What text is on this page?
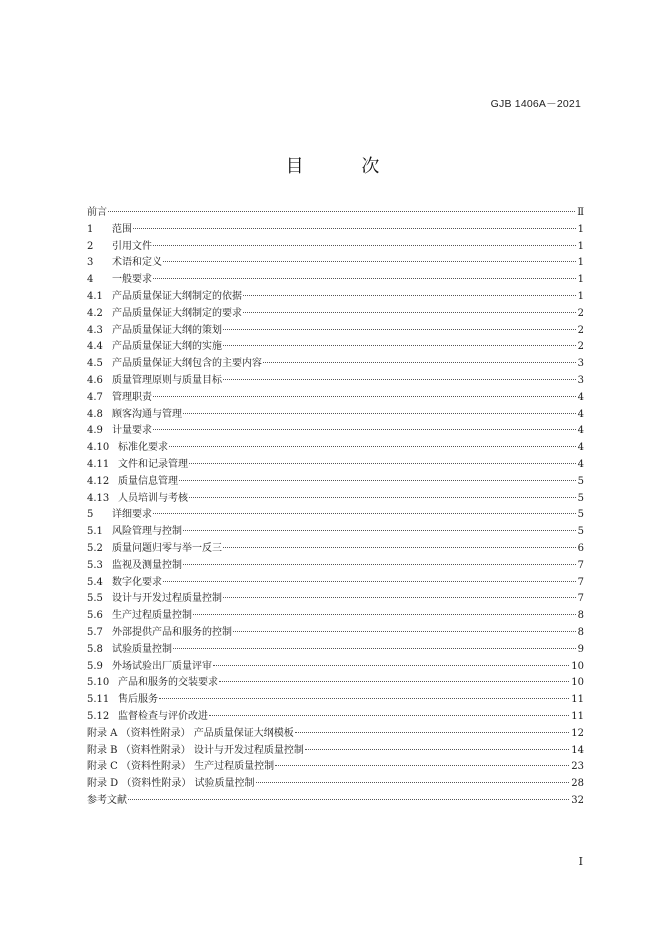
GJB 1406A－2021
目 次
前言	Ⅱ
1	范围	1
2	引用文件	1
3	术语和定义	1
4	一般要求	1
4.1 产品质量保证大纲制定的依据	1
4.2 产品质量保证大纲制定的要求	2
4.3 产品质量保证大纲的策划	2
4.4 产品质量保证大纲的实施	2
4.5 产品质量保证大纲包含的主要内容	3
4.6 质量管理原则与质量目标	3
4.7 管理职责	4
4.8 顾客沟通与管理	4
4.9 计量要求	4
4.10 标准化要求	4
4.11 文件和记录管理	4
4.12 质量信息管理	5
4.13 人员培训与考核	5
5	详细要求	5
5.1 风险管理与控制	5
5.2 质量问题归零与举一反三	6
5.3 监视及测量控制	7
5.4 数字化要求	7
5.5 设计与开发过程质量控制	7
5.6 生产过程质量控制	8
5.7 外部提供产品和服务的控制	8
5.8 试验质量控制	9
5.9 外场试验出厂质量评审	10
5.10 产品和服务的交装要求	10
5.11 售后服务	11
5.12 监督检查与评价改进	11
附录 A （资料性附录） 产品质量保证大纲模板	12
附录 B （资料性附录） 设计与开发过程质量控制	14
附录 C （资料性附录） 生产过程质量控制	23
附录 D （资料性附录） 试验质量控制	28
参考文献	32
I
